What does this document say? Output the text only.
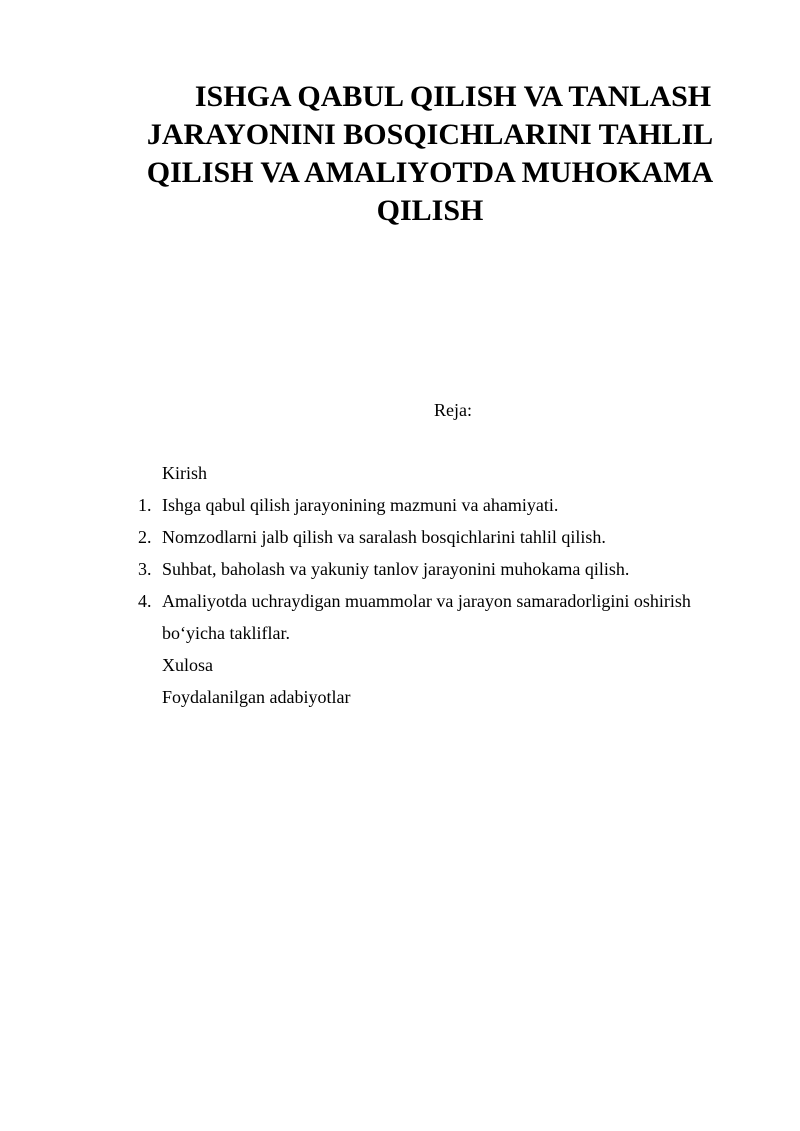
ISHGA QABUL QILISH VA TANLASH JARAYONINI BOSQICHLARINI TAHLIL QILISH VA AMALIYOTDA MUHOKAMA QILISH
Reja:
Kirish
1. Ishga qabul qilish jarayonining mazmuni va ahamiyati.
2. Nomzodlarni jalb qilish va saralash bosqichlarini tahlil qilish.
3. Suhbat, baholash va yakuniy tanlov jarayonini muhokama qilish.
4. Amaliyotda uchraydigan muammolar va jarayon samaradorligini oshirish
bo‘yicha takliflar.
Xulosa
Foydalanilgan adabiyotlar
